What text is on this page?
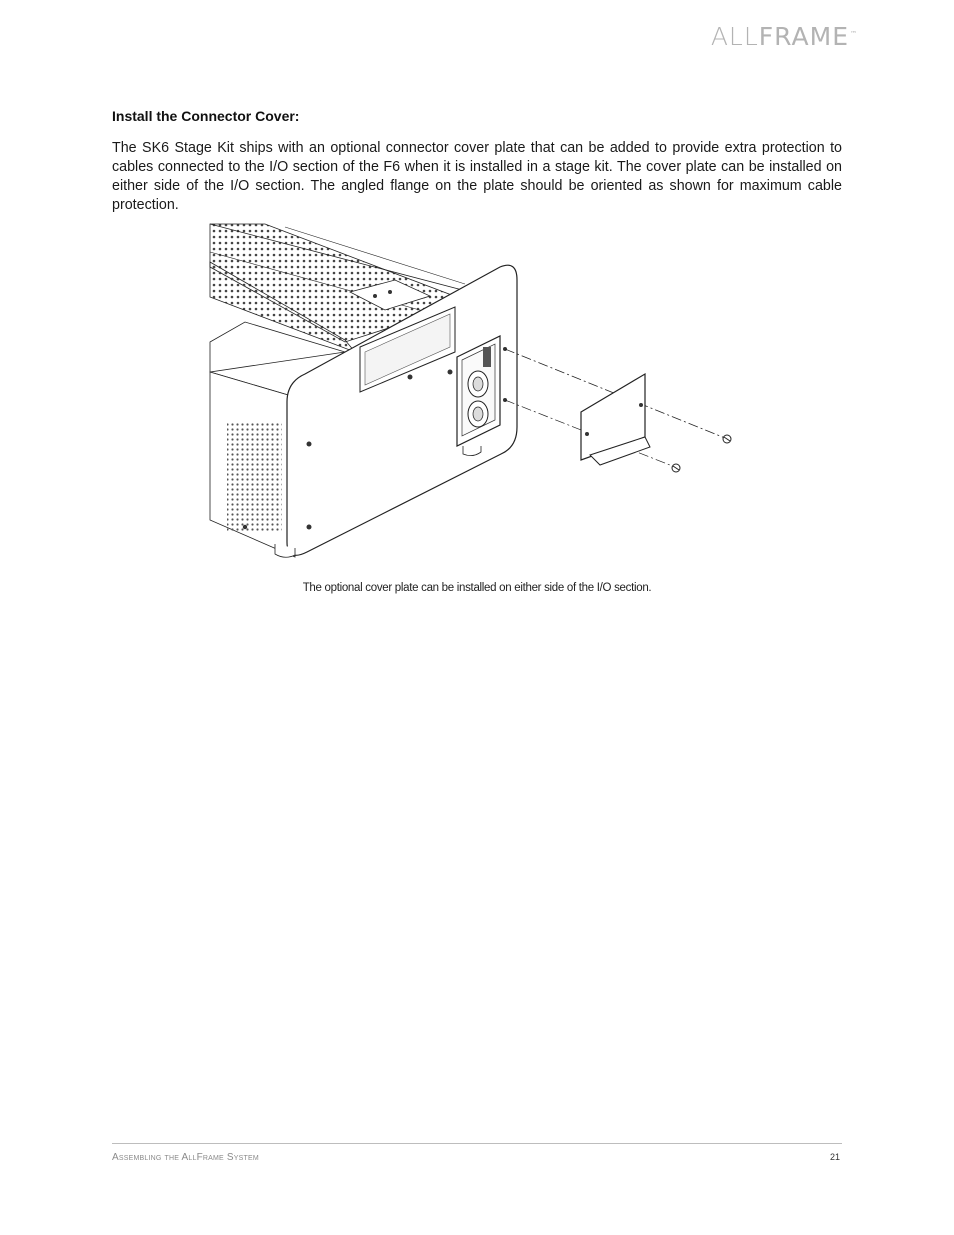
ALLFRAME™
Install the Connector Cover:

The SK6 Stage Kit ships with an optional connector cover plate that can be added to provide extra protection to cables connected to the I/O section of the F6 when it is installed in a stage kit. The cover plate can be installed on either side of the I/O section. The angled flange on the plate should be oriented as shown for maximum cable protection.

The optional cover plate can be installed on either side of the I/O section.
Assembling the AllFrame System	21
